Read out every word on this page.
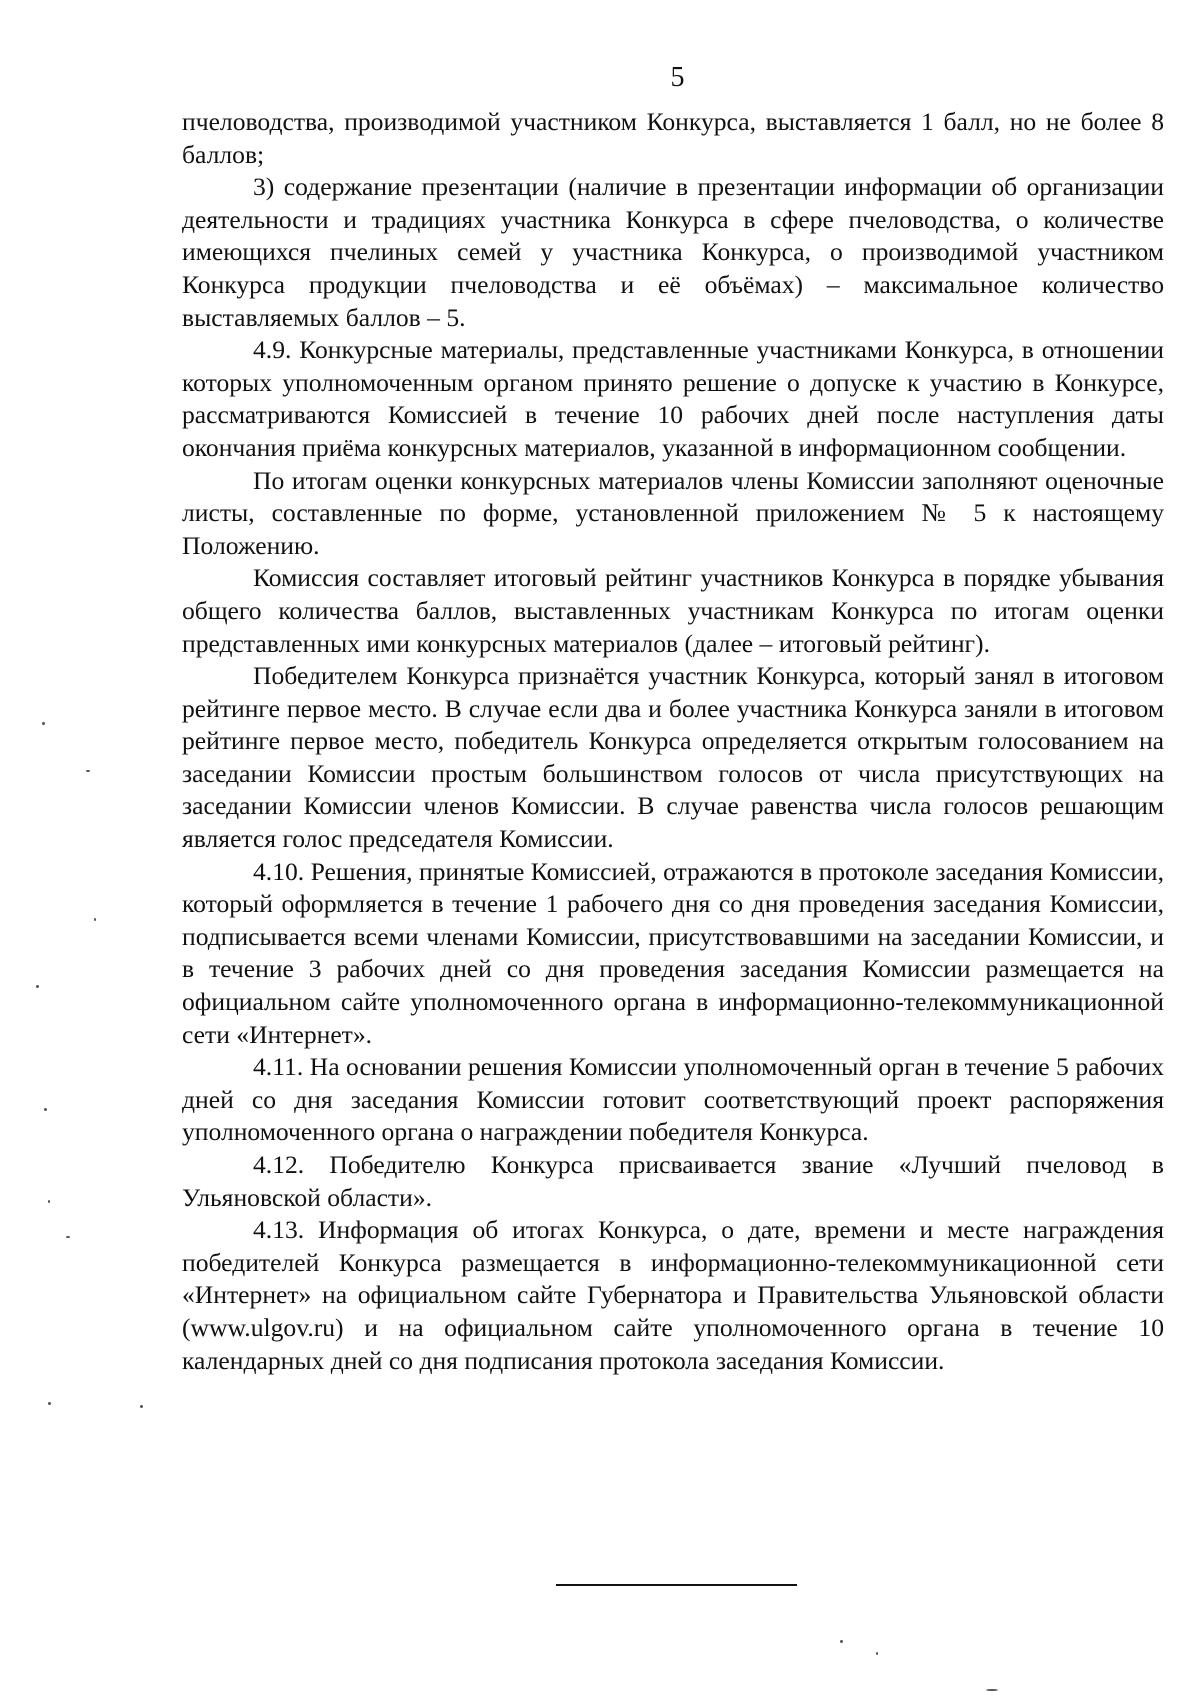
5

пчеловодства, производимой участником Конкурса, выставляется 1 балл, но не более 8 баллов;

3) содержание презентации (наличие в презентации информации об организации деятельности и традициях участника Конкурса в сфере пчеловодства, о количестве имеющихся пчелиных семей у участника Конкурса, о производимой участником Конкурса продукции пчеловодства и её объёмах) – максимальное количество выставляемых баллов – 5.

4.9. Конкурсные материалы, представленные участниками Конкурса, в отношении которых уполномоченным органом принято решение о допуске к участию в Конкурсе, рассматриваются Комиссией в течение 10 рабочих дней после наступления даты окончания приёма конкурсных материалов, указанной в информационном сообщении.

По итогам оценки конкурсных материалов члены Комиссии заполняют оценочные листы, составленные по форме, установленной приложением № 5 к настоящему Положению.

Комиссия составляет итоговый рейтинг участников Конкурса в порядке убывания общего количества баллов, выставленных участникам Конкурса по итогам оценки представленных ими конкурсных материалов (далее – итоговый рейтинг).

Победителем Конкурса признаётся участник Конкурса, который занял в итоговом рейтинге первое место. В случае если два и более участника Конкурса заняли в итоговом рейтинге первое место, победитель Конкурса определяется открытым голосованием на заседании Комиссии простым большинством голосов от числа присутствующих на заседании Комиссии членов Комиссии. В случае равенства числа голосов решающим является голос председателя Комиссии.

4.10. Решения, принятые Комиссией, отражаются в протоколе заседания Комиссии, который оформляется в течение 1 рабочего дня со дня проведения заседания Комиссии, подписывается всеми членами Комиссии, присутствовавшими на заседании Комиссии, и в течение 3 рабочих дней со дня проведения заседания Комиссии размещается на официальном сайте уполномоченного органа в информационно-телекоммуникационной сети «Интернет».

4.11. На основании решения Комиссии уполномоченный орган в течение 5 рабочих дней со дня заседания Комиссии готовит соответствующий проект распоряжения уполномоченного органа о награждении победителя Конкурса.

4.12. Победителю Конкурса присваивается звание «Лучший пчеловод в Ульяновской области».

4.13. Информация об итогах Конкурса, о дате, времени и месте награждения победителей Конкурса размещается в информационно-телекоммуникационной сети «Интернет» на официальном сайте Губернатора и Правительства Ульяновской области (www.ulgov.ru) и на официальном сайте уполномоченного органа в течение 10 календарных дней со дня подписания протокола заседания Комиссии.
